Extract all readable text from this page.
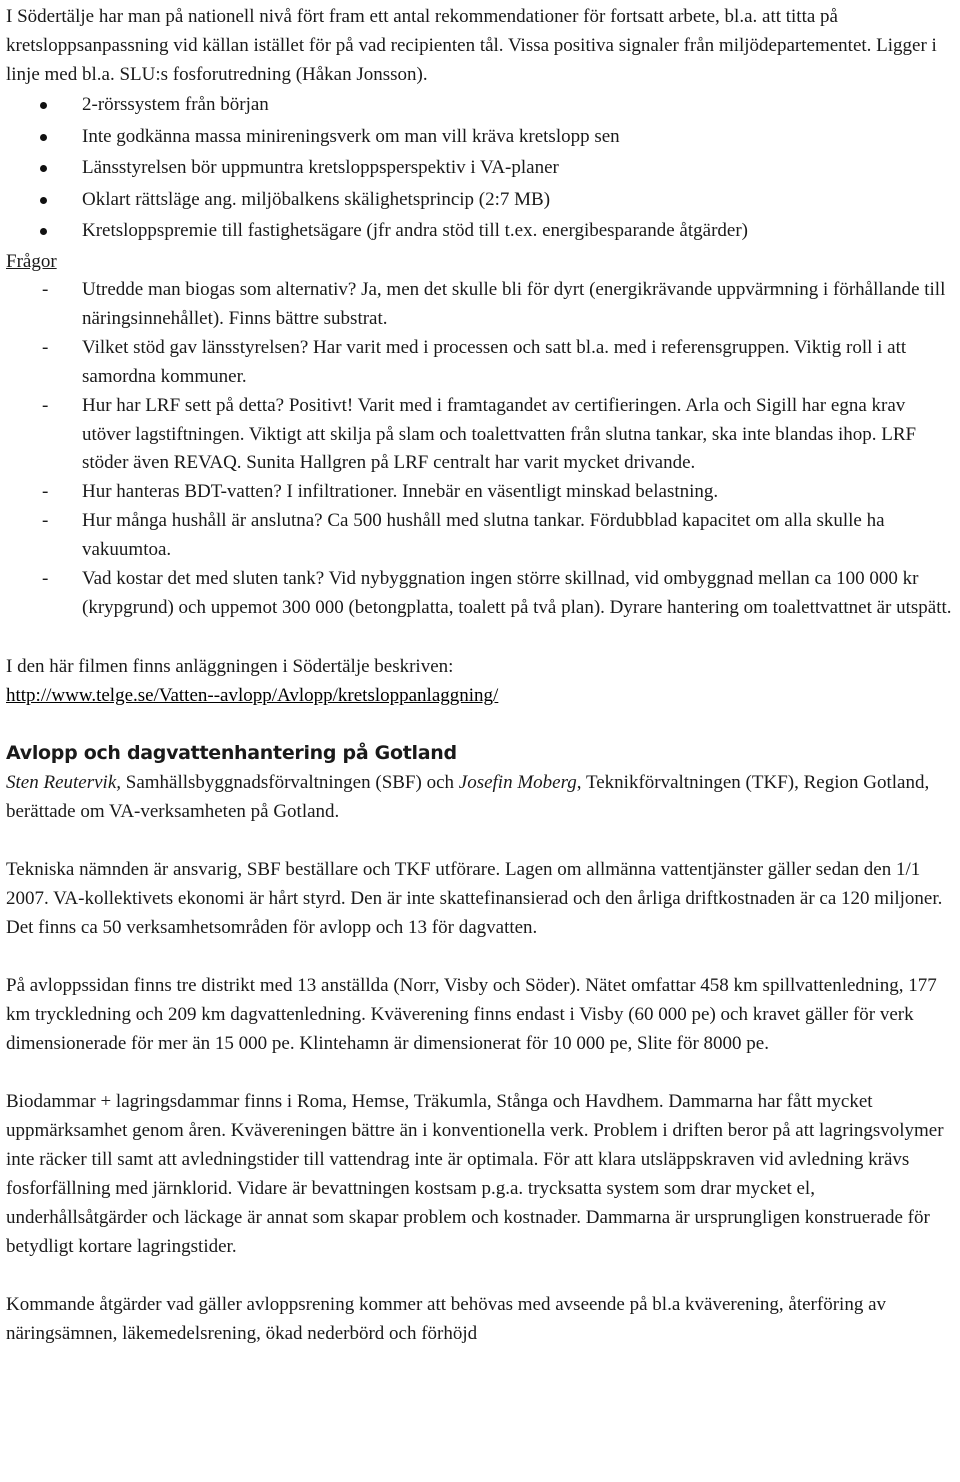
I Södertälje har man på nationell nivå fört fram ett antal rekommendationer för fortsatt arbete, bl.a. att titta på kretsloppsanpassning vid källan istället för på vad recipienten tål. Vissa positiva signaler från miljödepartementet. Ligger i linje med bl.a. SLU:s fosforutredning (Håkan Jonsson).

2-rörssystem från början
Inte godkänna massa minireningsverk om man vill kräva kretslopp sen
Länsstyrelsen bör uppmuntra kretsloppsperspektiv i VA-planer
Oklart rättsläge ang. miljöbalkens skälighetsprincip (2:7 MB)
Kretsloppspremie till fastighetsägare (jfr andra stöd till t.ex. energibesparande åtgärder)

Frågor

- Utredde man biogas som alternativ? Ja, men det skulle bli för dyrt (energikrävande uppvärmning i förhållande till näringsinnehållet). Finns bättre substrat.
- Vilket stöd gav länsstyrelsen? Har varit med i processen och satt bl.a. med i referensgruppen. Viktig roll i att samordna kommuner.
- Hur har LRF sett på detta? Positivt! Varit med i framtagandet av certifieringen. Arla och Sigill har egna krav utöver lagstiftningen. Viktigt att skilja på slam och toalettvatten från slutna tankar, ska inte blandas ihop. LRF stöder även REVAQ. Sunita Hallgren på LRF centralt har varit mycket drivande.
- Hur hanteras BDT-vatten? I infiltrationer. Innebär en väsentligt minskad belastning.
- Hur många hushåll är anslutna? Ca 500 hushåll med slutna tankar. Fördubblad kapacitet om alla skulle ha vakuumtoa.
- Vad kostar det med sluten tank? Vid nybyggnation ingen större skillnad, vid ombyggnad mellan ca 100 000 kr (krypgrund) och uppemot 300 000 (betongplatta, toalett på två plan). Dyrare hantering om toalettvattnet är utspätt.

I den här filmen finns anläggningen i Södertälje beskriven:
http://www.telge.se/Vatten--avlopp/Avlopp/kretsloppanlaggning/

Avlopp och dagvattenhantering på Gotland

Sten Reutervik, Samhällsbyggnadsförvaltningen (SBF) och Josefin Moberg, Teknikförvaltningen (TKF), Region Gotland, berättade om VA-verksamheten på Gotland.

Tekniska nämnden är ansvarig, SBF beställare och TKF utförare. Lagen om allmänna vattentjänster gäller sedan den 1/1 2007. VA-kollektivets ekonomi är hårt styrd. Den är inte skattefinansierad och den årliga driftkostnaden är ca 120 miljoner. Det finns ca 50 verksamhetsområden för avlopp och 13 för dagvatten.

På avloppssidan finns tre distrikt med 13 anställda (Norr, Visby och Söder). Nätet omfattar 458 km spillvattenledning, 177 km tryckledning och 209 km dagvattenledning. Kväverening finns endast i Visby (60 000 pe) och kravet gäller för verk dimensionerade för mer än 15 000 pe. Klintehamn är dimensionerat för 10 000 pe, Slite för 8000 pe.

Biodammar + lagringsdammar finns i Roma, Hemse, Träkumla, Stånga och Havdhem. Dammarna har fått mycket uppmärksamhet genom åren. Kvävereningen bättre än i konventionella verk. Problem i driften beror på att lagringsvolymer inte räcker till samt att avledningstider till vattendrag inte är optimala. För att klara utsläppskraven vid avledning krävs fosforfällning med järnklorid. Vidare är bevattningen kostsam p.g.a. trycksatta system som drar mycket el, underhållsåtgärder och läckage är annat som skapar problem och kostnader. Dammarna är ursprungligen konstruerade för betydligt kortare lagringstider.

Kommande åtgärder vad gäller avloppsrening kommer att behövas med avseende på bl.a kväverening, återföring av näringsämnen, läkemedelsrening, ökad nederbörd och förhöjd
